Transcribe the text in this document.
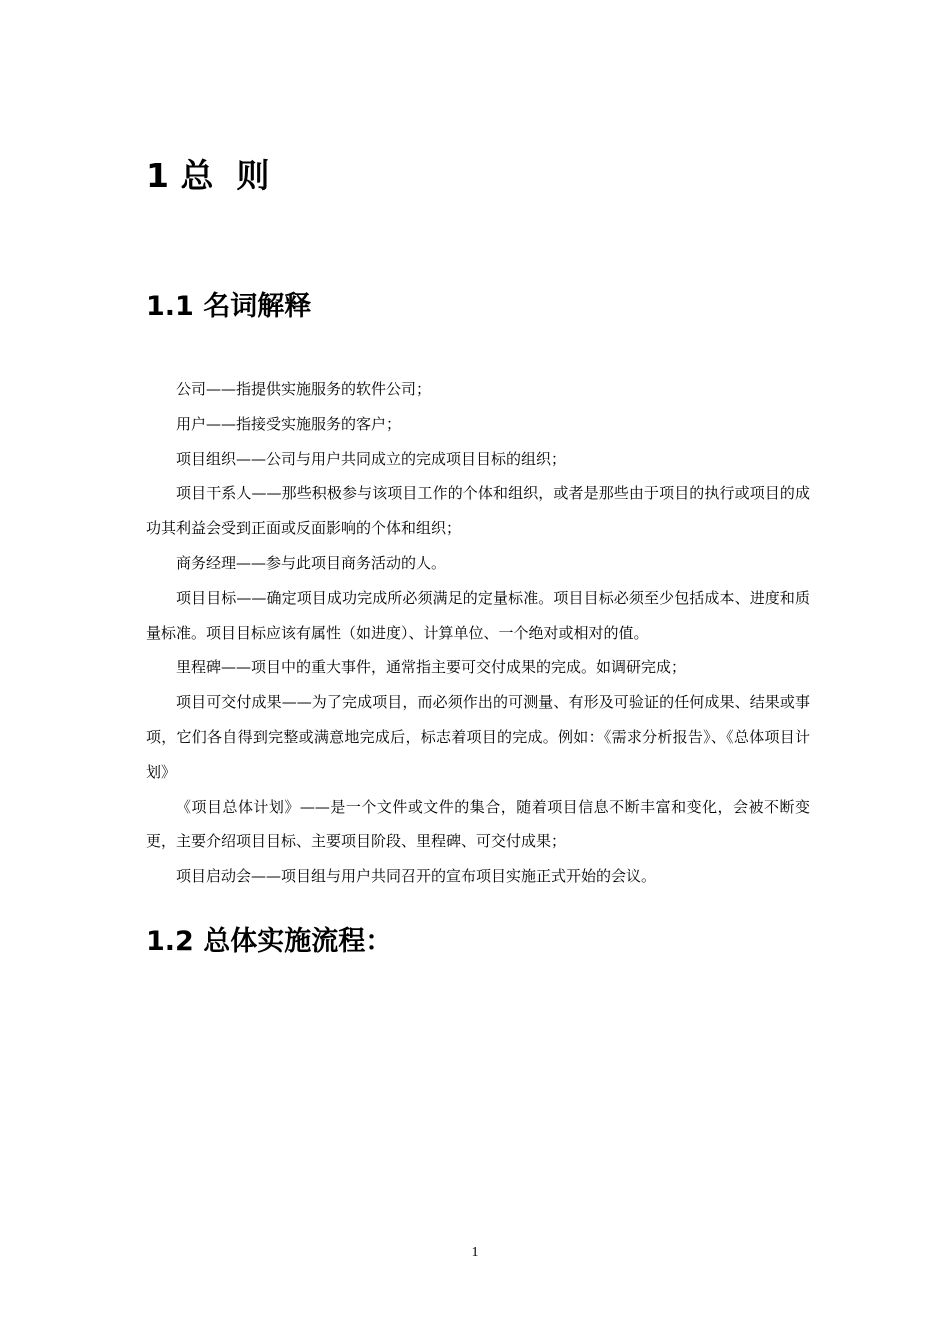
1 总  则
1.1 名词解释

公司——指提供实施服务的软件公司；

用户——指接受实施服务的客户；

项目组织——公司与用户共同成立的完成项目目标的组织；

项目干系人——那些积极参与该项目工作的个体和组织，或者是那些由于项目的执行或项目的成功其利益会受到正面或反面影响的个体和组织；

商务经理——参与此项目商务活动的人。

项目目标——确定项目成功完成所必须满足的定量标准。项目目标必须至少包括成本、进度和质量标准。项目目标应该有属性（如进度）、计算单位、一个绝对或相对的值。

里程碑——项目中的重大事件，通常指主要可交付成果的完成。如调研完成；

项目可交付成果——为了完成项目，而必须作出的可测量、有形及可验证的任何成果、结果或事项，它们各自得到完整或满意地完成后，标志着项目的完成。例如：《需求分析报告》、《总体项目计划》

《项目总体计划》——是一个文件或文件的集合，随着项目信息不断丰富和变化，会被不断变更，主要介绍项目目标、主要项目阶段、里程碑、可交付成果；

项目启动会——项目组与用户共同召开的宣布项目实施正式开始的会议。

1.2 总体实施流程：
1
